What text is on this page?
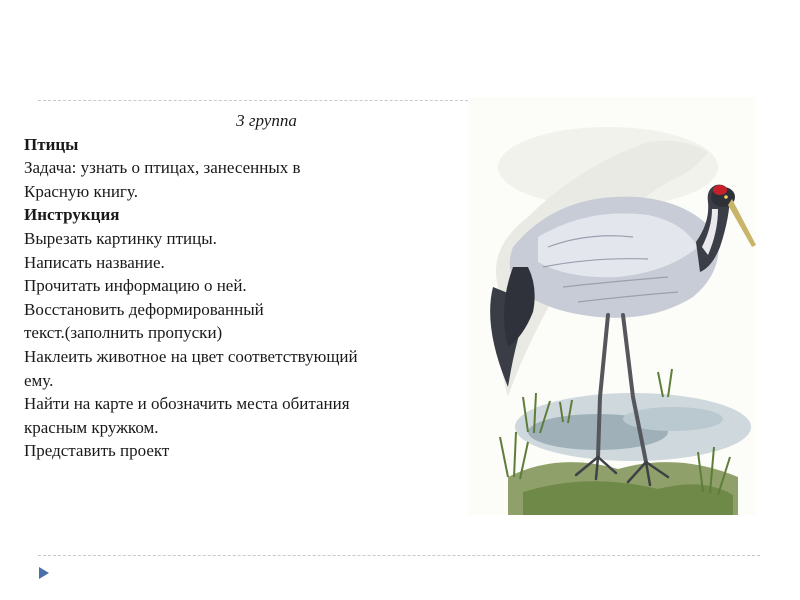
3 группа
Птицы
Задача: узнать о птицах, занесенных в
Красную книгу.
Инструкция
Вырезать картинку птицы.
Написать название.
Прочитать информацию о ней.
Восстановить деформированный
текст.(заполнить пропуски)
Наклеить животное на цвет соответствующий
ему.
Найти на карте и обозначить места обитания
красным кружком.
Представить проект
